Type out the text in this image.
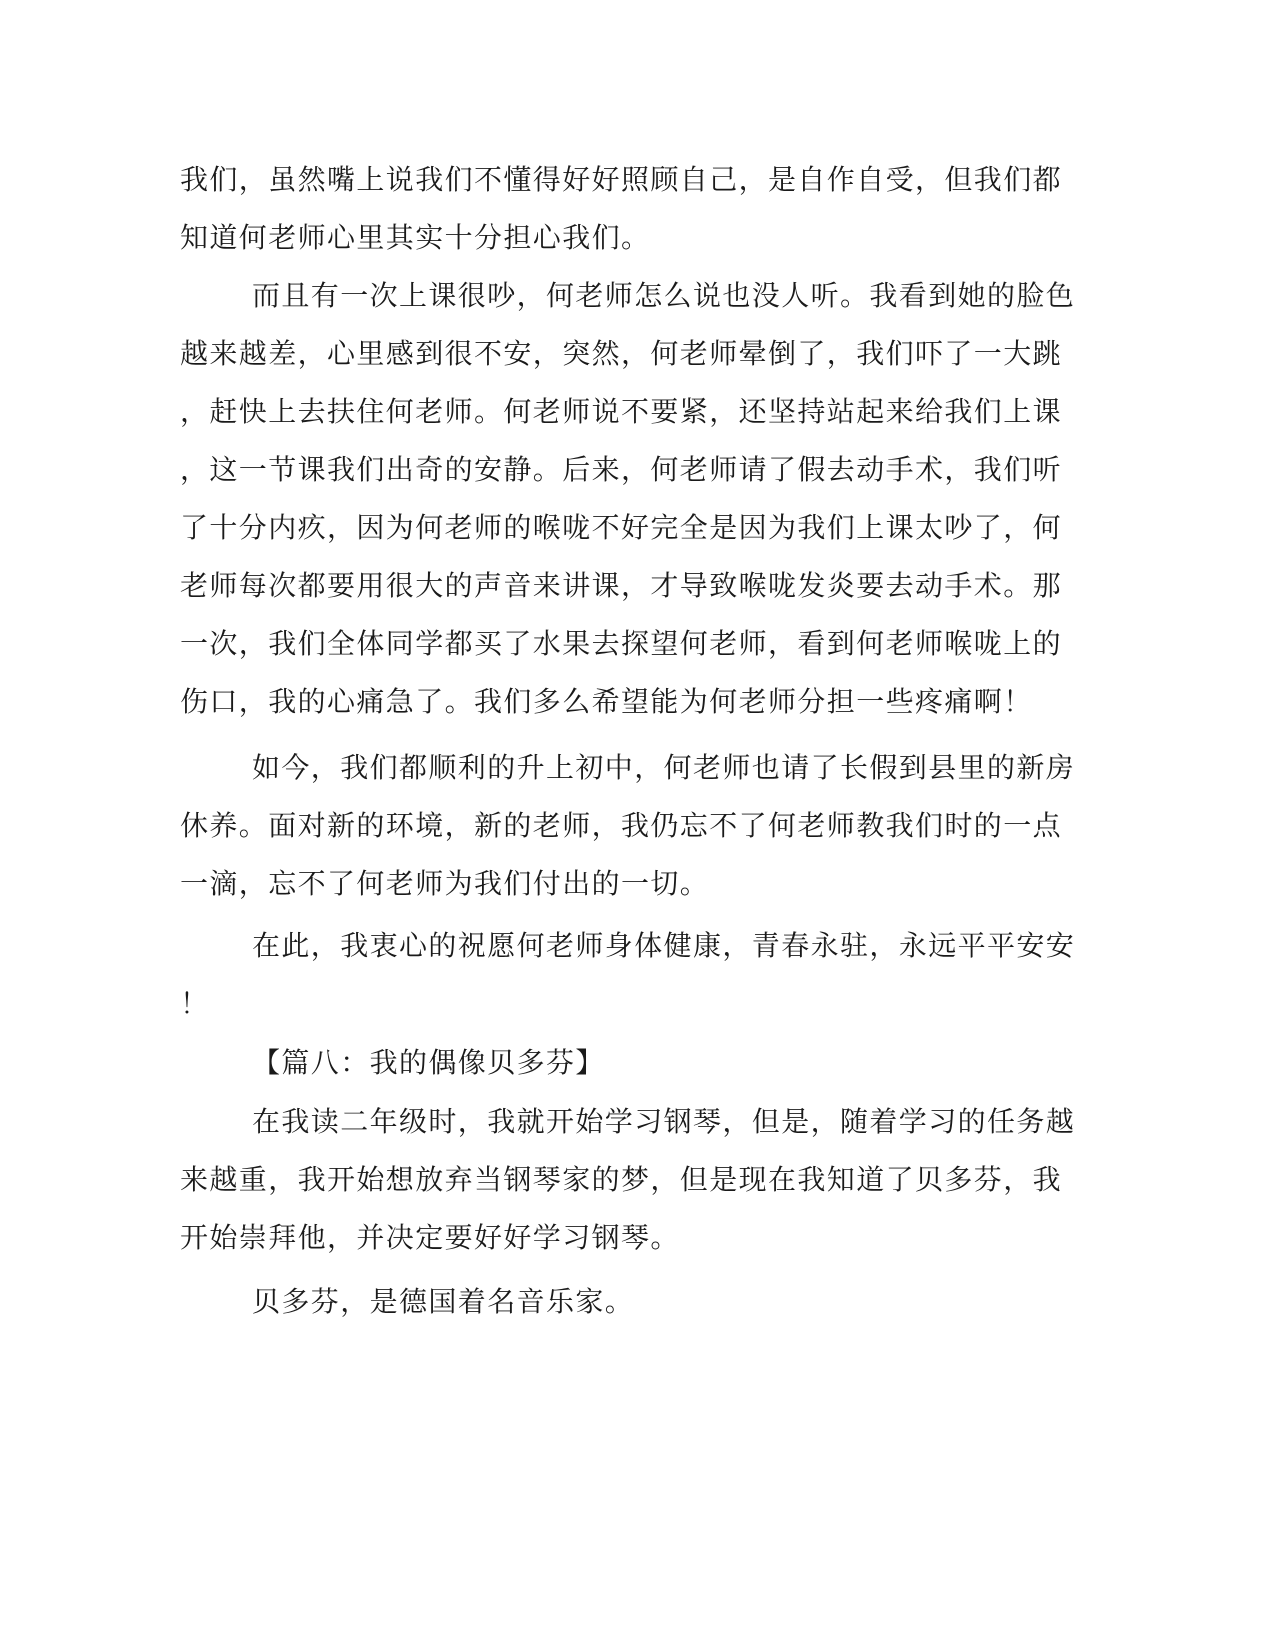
我们，虽然嘴上说我们不懂得好好照顾自己，是自作自受，但我们都
知道何老师心里其实十分担心我们。
而且有一次上课很吵，何老师怎么说也没人听。我看到她的脸色
越来越差，心里感到很不安，突然，何老师晕倒了，我们吓了一大跳
，赶快上去扶住何老师。何老师说不要紧，还坚持站起来给我们上课
，这一节课我们出奇的安静。后来，何老师请了假去动手术，我们听
了十分内疚，因为何老师的喉咙不好完全是因为我们上课太吵了，何
老师每次都要用很大的声音来讲课，才导致喉咙发炎要去动手术。那
一次，我们全体同学都买了水果去探望何老师，看到何老师喉咙上的
伤口，我的心痛急了。我们多么希望能为何老师分担一些疼痛啊！
如今，我们都顺利的升上初中，何老师也请了长假到县里的新房
休养。面对新的环境，新的老师，我仍忘不了何老师教我们时的一点
一滴，忘不了何老师为我们付出的一切。
在此，我衷心的祝愿何老师身体健康，青春永驻，永远平平安安
！
【篇八：我的偶像贝多芬】
在我读二年级时，我就开始学习钢琴，但是，随着学习的任务越
来越重，我开始想放弃当钢琴家的梦，但是现在我知道了贝多芬，我
开始崇拜他，并决定要好好学习钢琴。
贝多芬，是德国着名音乐家。
